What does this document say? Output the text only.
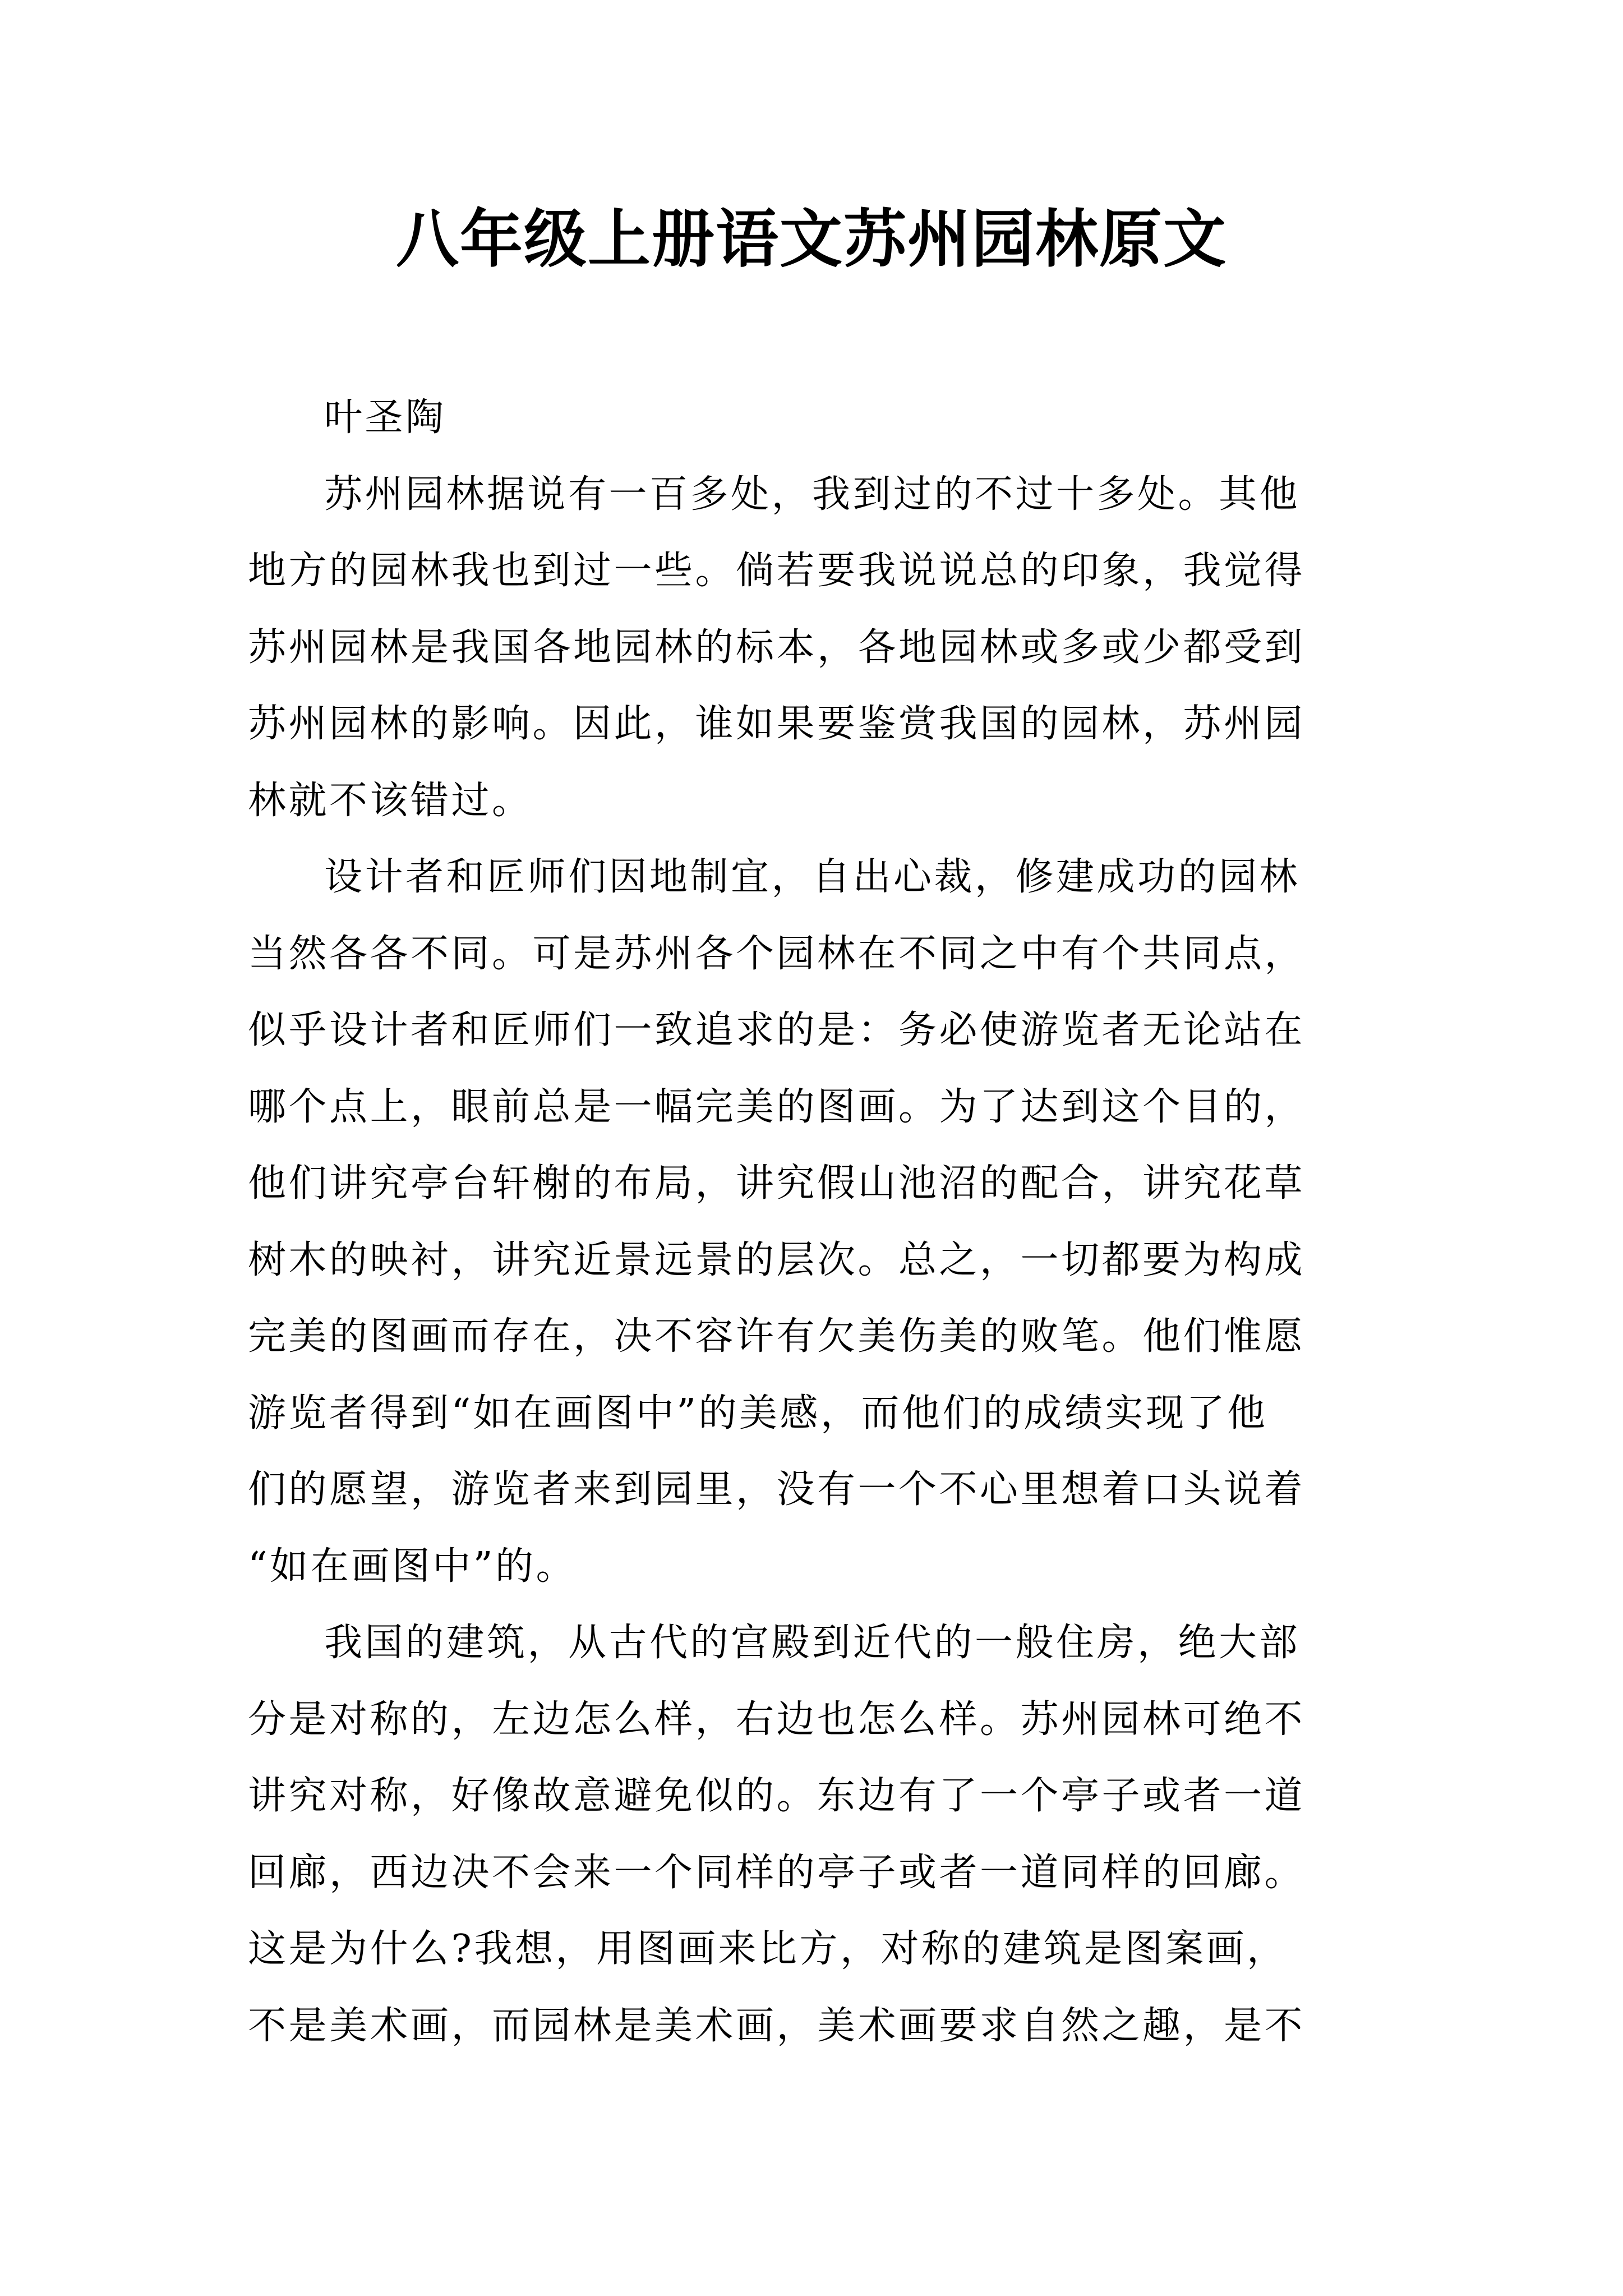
八年级上册语文苏州园林原文

叶圣陶

苏州园林据说有一百多处，我到过的不过十多处。其他
地方的园林我也到过一些。倘若要我说说总的印象，我觉得
苏州园林是我国各地园林的标本，各地园林或多或少都受到
苏州园林的影响。因此，谁如果要鉴赏我国的园林，苏州园
林就不该错过。

设计者和匠师们因地制宜，自出心裁，修建成功的园林
当然各各不同。可是苏州各个园林在不同之中有个共同点，
似乎设计者和匠师们一致追求的是：务必使游览者无论站在
哪个点上，眼前总是一幅完美的图画。为了达到这个目的，
他们讲究亭台轩榭的布局，讲究假山池沼的配合，讲究花草
树木的映衬，讲究近景远景的层次。总之，一切都要为构成
完美的图画而存在，决不容许有欠美伤美的败笔。他们惟愿
游览者得到“如在画图中”的美感，而他们的成绩实现了他
们的愿望，游览者来到园里，没有一个不心里想着口头说着
“如在画图中”的。

我国的建筑，从古代的宫殿到近代的一般住房，绝大部
分是对称的，左边怎么样，右边也怎么样。苏州园林可绝不
讲究对称，好像故意避免似的。东边有了一个亭子或者一道
回廊，西边决不会来一个同样的亭子或者一道同样的回廊。
这是为什么?我想，用图画来比方，对称的建筑是图案画，
不是美术画，而园林是美术画，美术画要求自然之趣，是不
